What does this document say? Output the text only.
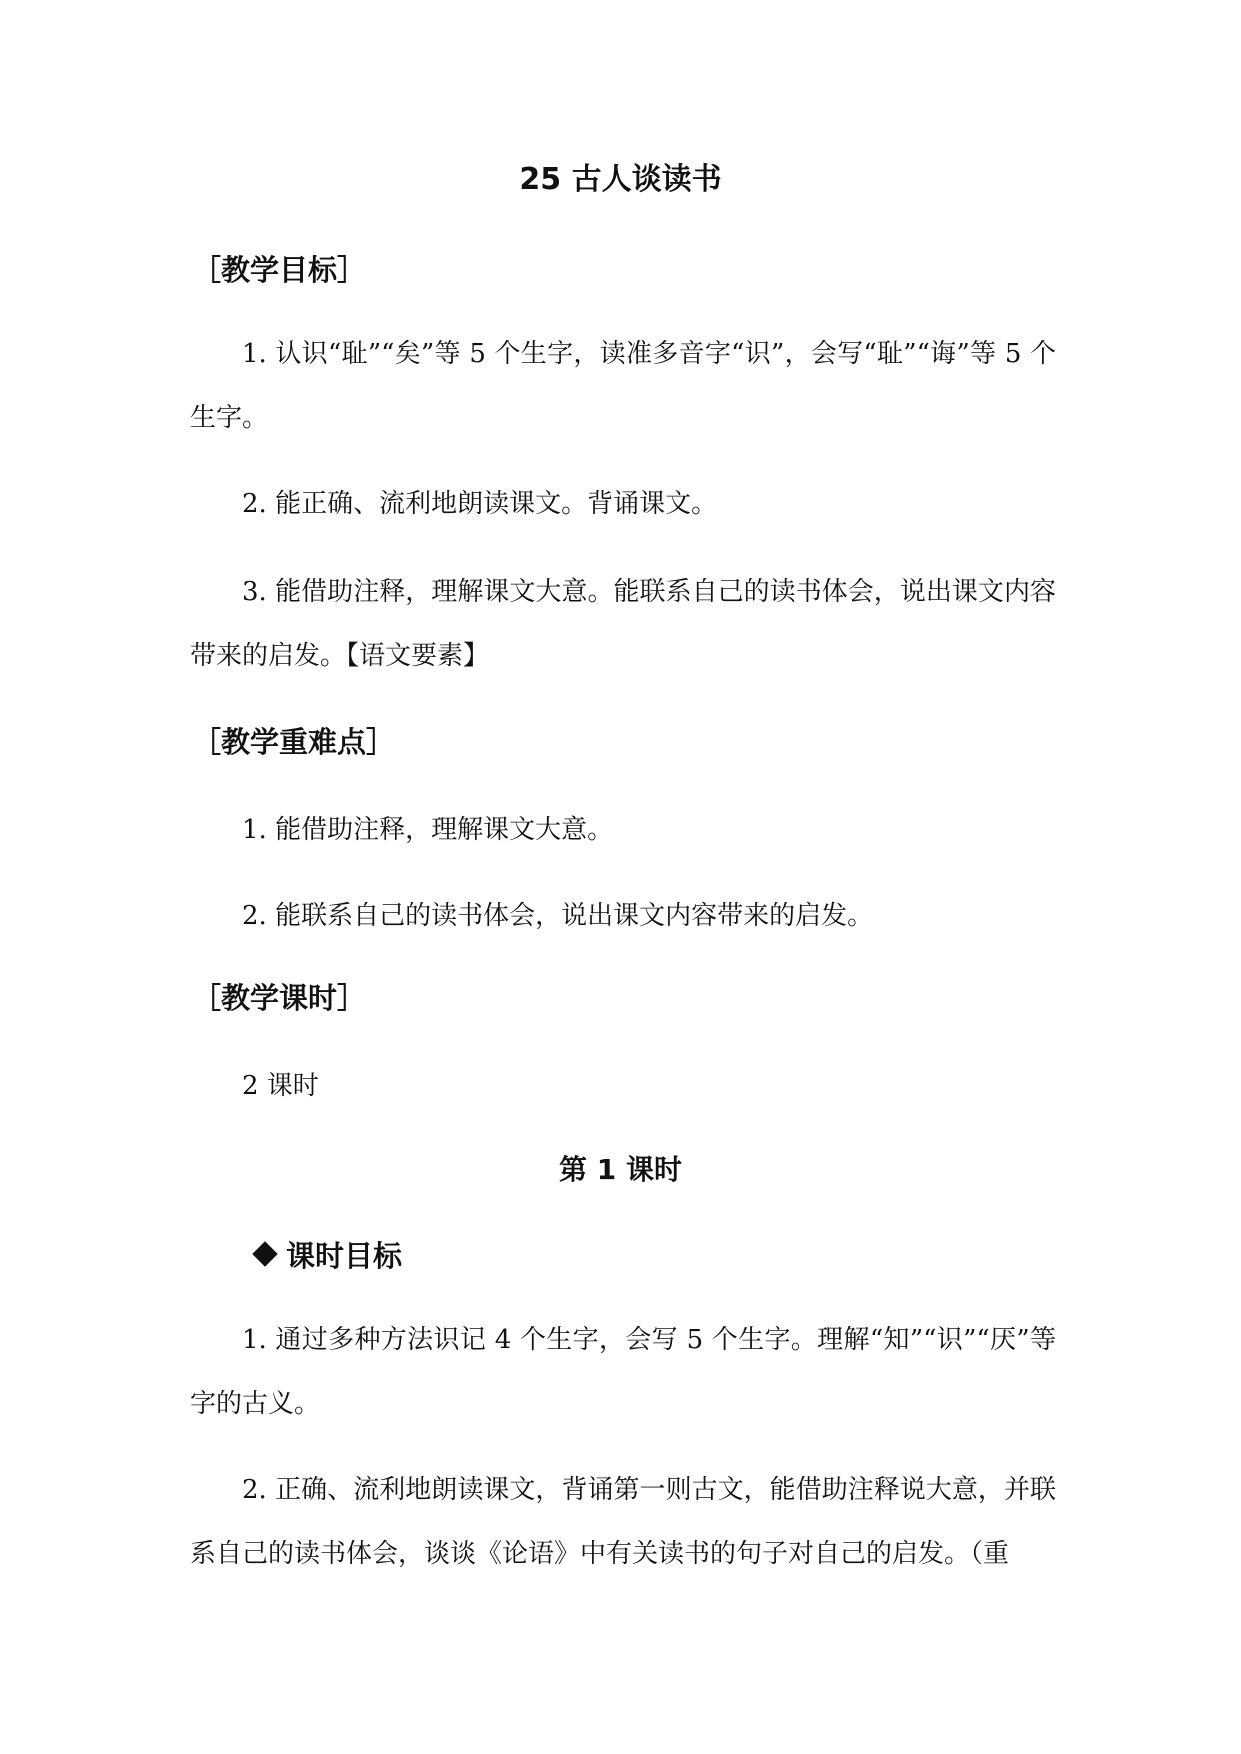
25 古人谈读书
［教学目标］

1. 认识“耻”“矣”等 5 个生字，读准多音字“识”，会写“耻”“诲”等 5 个生字。

2. 能正确、流利地朗读课文。背诵课文。

3. 能借助注释，理解课文大意。能联系自己的读书体会，说出课文内容带来的启发。【语文要素】

［教学重难点］

1. 能借助注释，理解课文大意。

2. 能联系自己的读书体会，说出课文内容带来的启发。

［教学课时］

2 课时

第 1 课时
课时目标

1. 通过多种方法识记 4 个生字，会写 5 个生字。理解“知”“识”“厌”等字的古义。

2. 正确、流利地朗读课文，背诵第一则古文，能借助注释说大意，并联系自己的读书体会，谈谈《论语》中有关读书的句子对自己的启发。（重
